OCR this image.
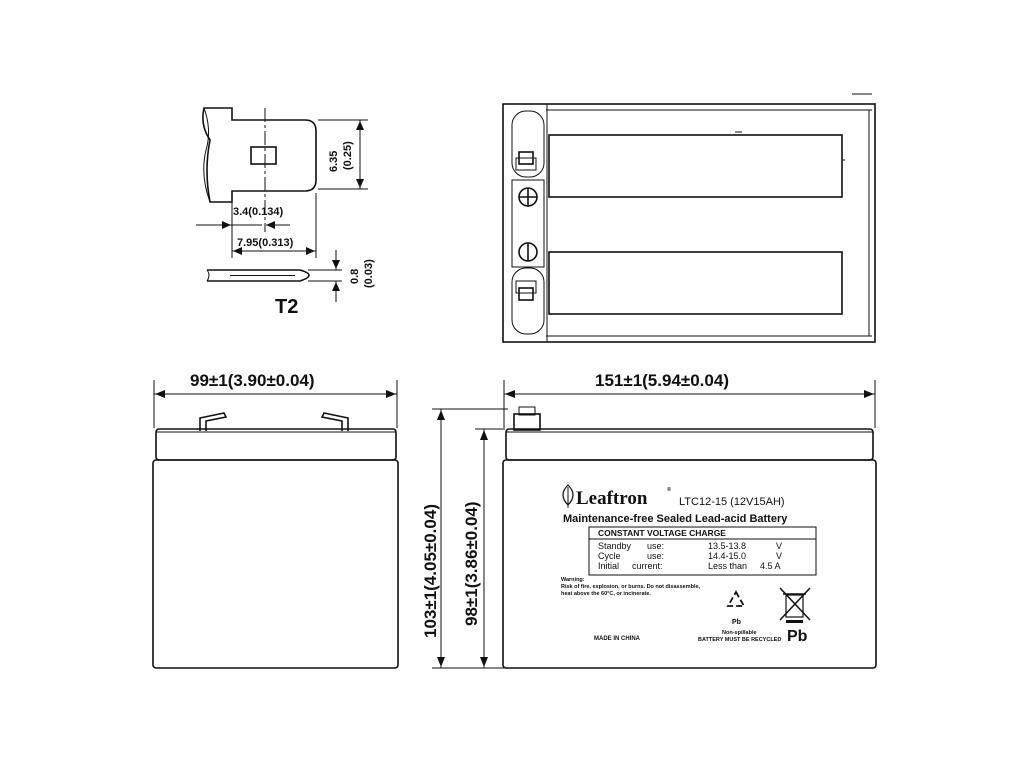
6.35 (0.25)
3.4(0.134)
7.95(0.313)
0.8 (0.03)
T2
99±1(3.90±0.04)	151±1(5.94±0.04)
103±1(4.05±0.04) 98±1(3.86±0.04)
Leaftron	®
LTC12-15 (12V15AH)
Maintenance-free Sealed Lead-acid Battery
CONSTANT VOLTAGE CHARGE
Standby use:	13.5-13.8	V
Cycle	use:	14.4-15.0	V
Initial current:	Less than 4.5 A
Warning:
Risk of fire, explosion, or burns. Do not disassemble,
heat above the 60°C, or incinerate.
Pb
Non-spillable
BATTERY MUST BE RECYCLED Pb
MADE IN CHINA
